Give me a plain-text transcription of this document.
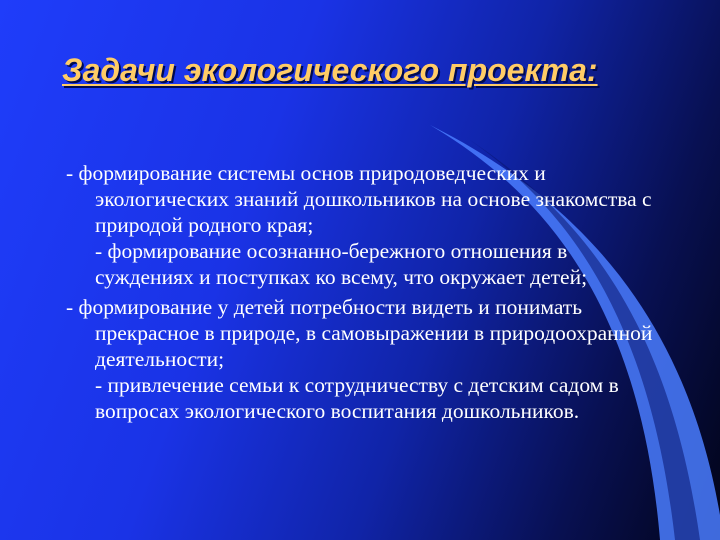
Задачи экологического проекта:

- формирование системы основ природоведческих и экологических знаний дошкольников на основе знакомства с природой родного края;
- формирование осознанно-бережного отношения в суждениях и поступках ко всему, что окружает детей;

- формирование у детей потребности видеть и понимать прекрасное в природе, в самовыражении в природоохранной деятельности;
- привлечение семьи к сотрудничеству с детским садом в вопросах экологического воспитания дошкольников.
